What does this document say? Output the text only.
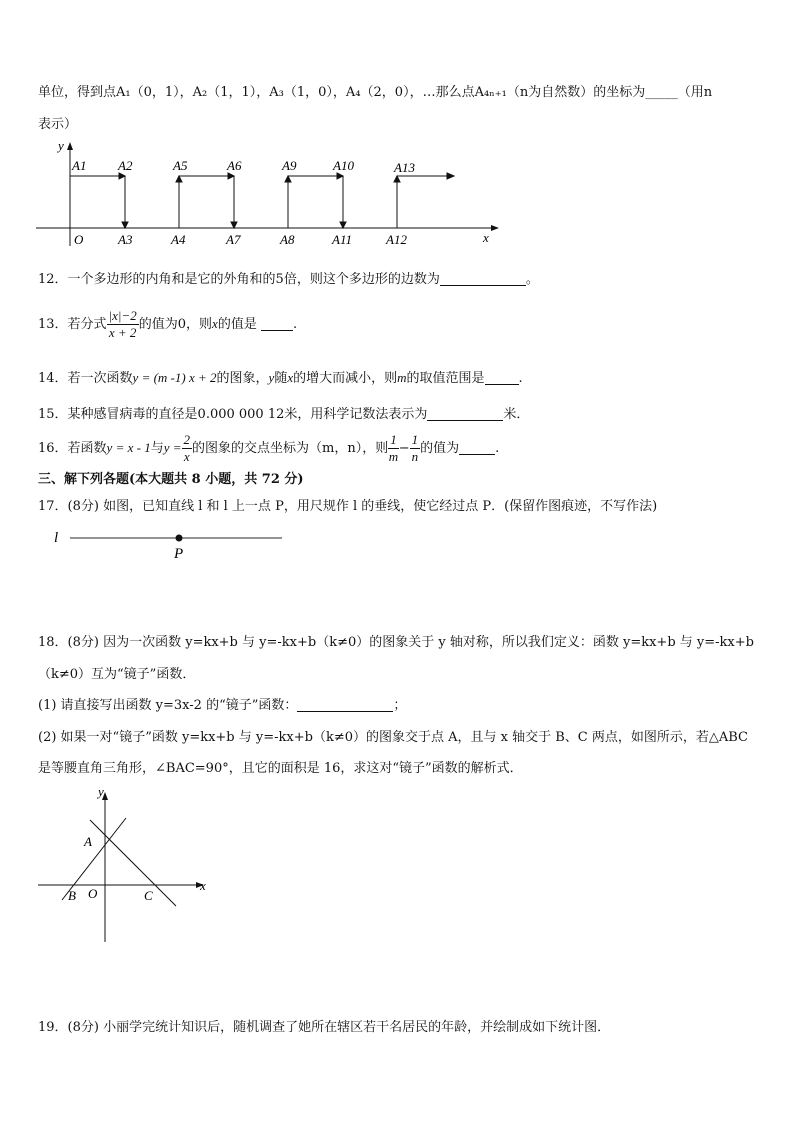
单位，得到点A₁（0，1），A₂（1，1），A₃（1，0），A₄（2，0），…那么点A₄ₙ₊₁（n为自然数）的坐标为_____（用n
表示）
y
A1 A2	A5	A6	A9	A10	A13
O	A3	A4	A7	A8	A11	A12	x
12．一个多边形的内角和是它的外角和的5倍，则这个多边形的边数为	。
13．若分式 $\frac{|x|-2}{x + 2}$ 的值为0，则x的值是	.
14．若一次函数y = (m -1) x + 2的图象，y随x的增大而减小，则m的取值范围是	.
15．某种感冒病毒的直径是0.000 000 12米，用科学记数法表示为	米．
16．若函数y = x - 1与$y = \frac{2}{x}$ 的图象的交点坐标为（m，n），则 $\frac{1}{m} - \frac{1}{n}$ 的值为	.
三、解下列各题(本大题共 8 小题，共 72 分)
17．(8分) 如图，已知直线 l 和 l 上一点 P，用尺规作 l 的垂线，使它经过点 P．(保留作图痕迹，不写作法)
l
P
18．(8分) 因为一次函数 y=kx+b 与 y=-kx+b（k≠0）的图象关于 y 轴对称，所以我们定义：函数 y=kx+b 与 y=-kx+b
（k≠0）互为“镜子”函数．
(1) 请直接写出函数 y=3x-2 的“镜子”函数：	；
(2) 如果一对“镜子”函数 y=kx+b 与 y=-kx+b（k≠0）的图象交于点 A，且与 x 轴交于 B、C 两点，如图所示，若△ABC
是等腰直角三角形，∠BAC=90°，且它的面积是 16，求这对“镜子”函数的解析式．
y
x
A
B O	C
19．(8分) 小丽学完统计知识后，随机调查了她所在辖区若干名居民的年龄，并绘制成如下统计图．
